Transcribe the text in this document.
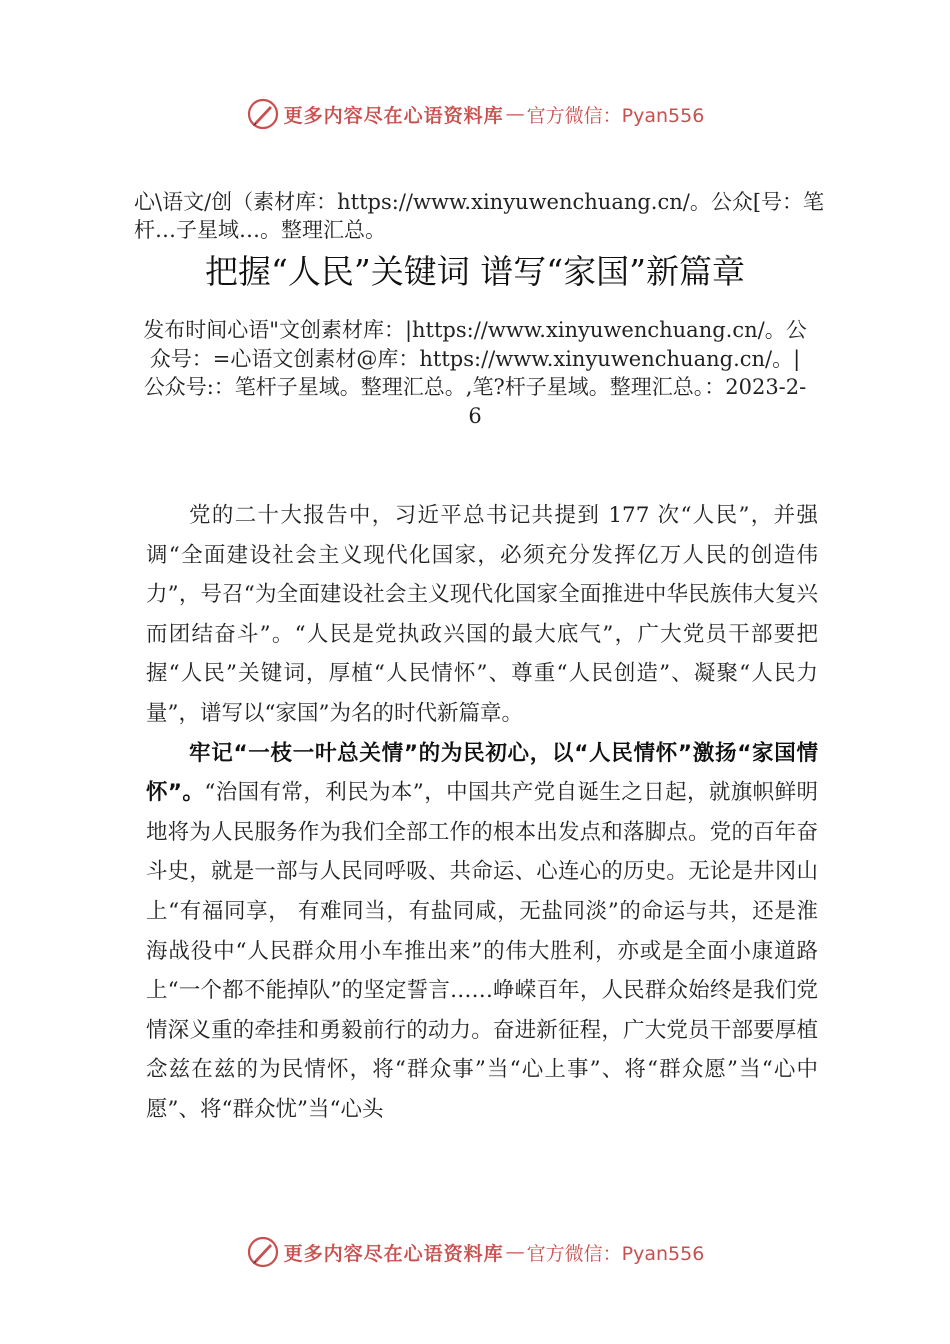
更多内容尽在心语资料库 — 官方微信：Pyan556
心\语文/创（素材库：https://www.xinyuwenchuang.cn/。公众[号：笔杆…子星域…。整理汇总。
把握“人民”关键词 谱写“家国”新篇章
发布时间心语"文创素材库：|https://www.xinyuwenchuang.cn/。公众号：=心语文创素材@库：https://www.xinyuwenchuang.cn/。|公众号:：笔杆子星域。整理汇总。,笔?杆子星域。整理汇总。：2023-2-6

党的二十大报告中，习近平总书记共提到 177 次“人民”，并强调“全面建设社会主义现代化国家，必须充分发挥亿万人民的创造伟力”，号召“为全面建设社会主义现代化国家全面推进中华民族伟大复兴而团结奋斗”。“人民是党执政兴国的最大底气”，广大党员干部要把握“人民”关键词，厚植“人民情怀”、尊重“人民创造”、凝聚“人民力量”，谱写以“家国”为名的时代新篇章。

牢记“一枝一叶总关情”的为民初心，以“人民情怀”激扬“家国情怀”。“治国有常，利民为本”，中国共产党自诞生之日起，就旗帜鲜明地将为人民服务作为我们全部工作的根本出发点和落脚点。党的百年奋斗史，就是一部与人民同呼吸、共命运、心连心的历史。无论是井冈山上“有福同享， 有难同当，有盐同咸，无盐同淡”的命运与共，还是淮海战役中“人民群众用小车推出来”的伟大胜利，亦或是全面小康道路上“一个都不能掉队”的坚定誓言……峥嵘百年，人民群众始终是我们党情深义重的牵挂和勇毅前行的动力。奋进新征程，广大党员干部要厚植念兹在兹的为民情怀，将“群众事”当“心上事”、将“群众愿”当“心中愿”、将“群众忧”当“心头

更多内容尽在心语资料库 — 官方微信：Pyan556
